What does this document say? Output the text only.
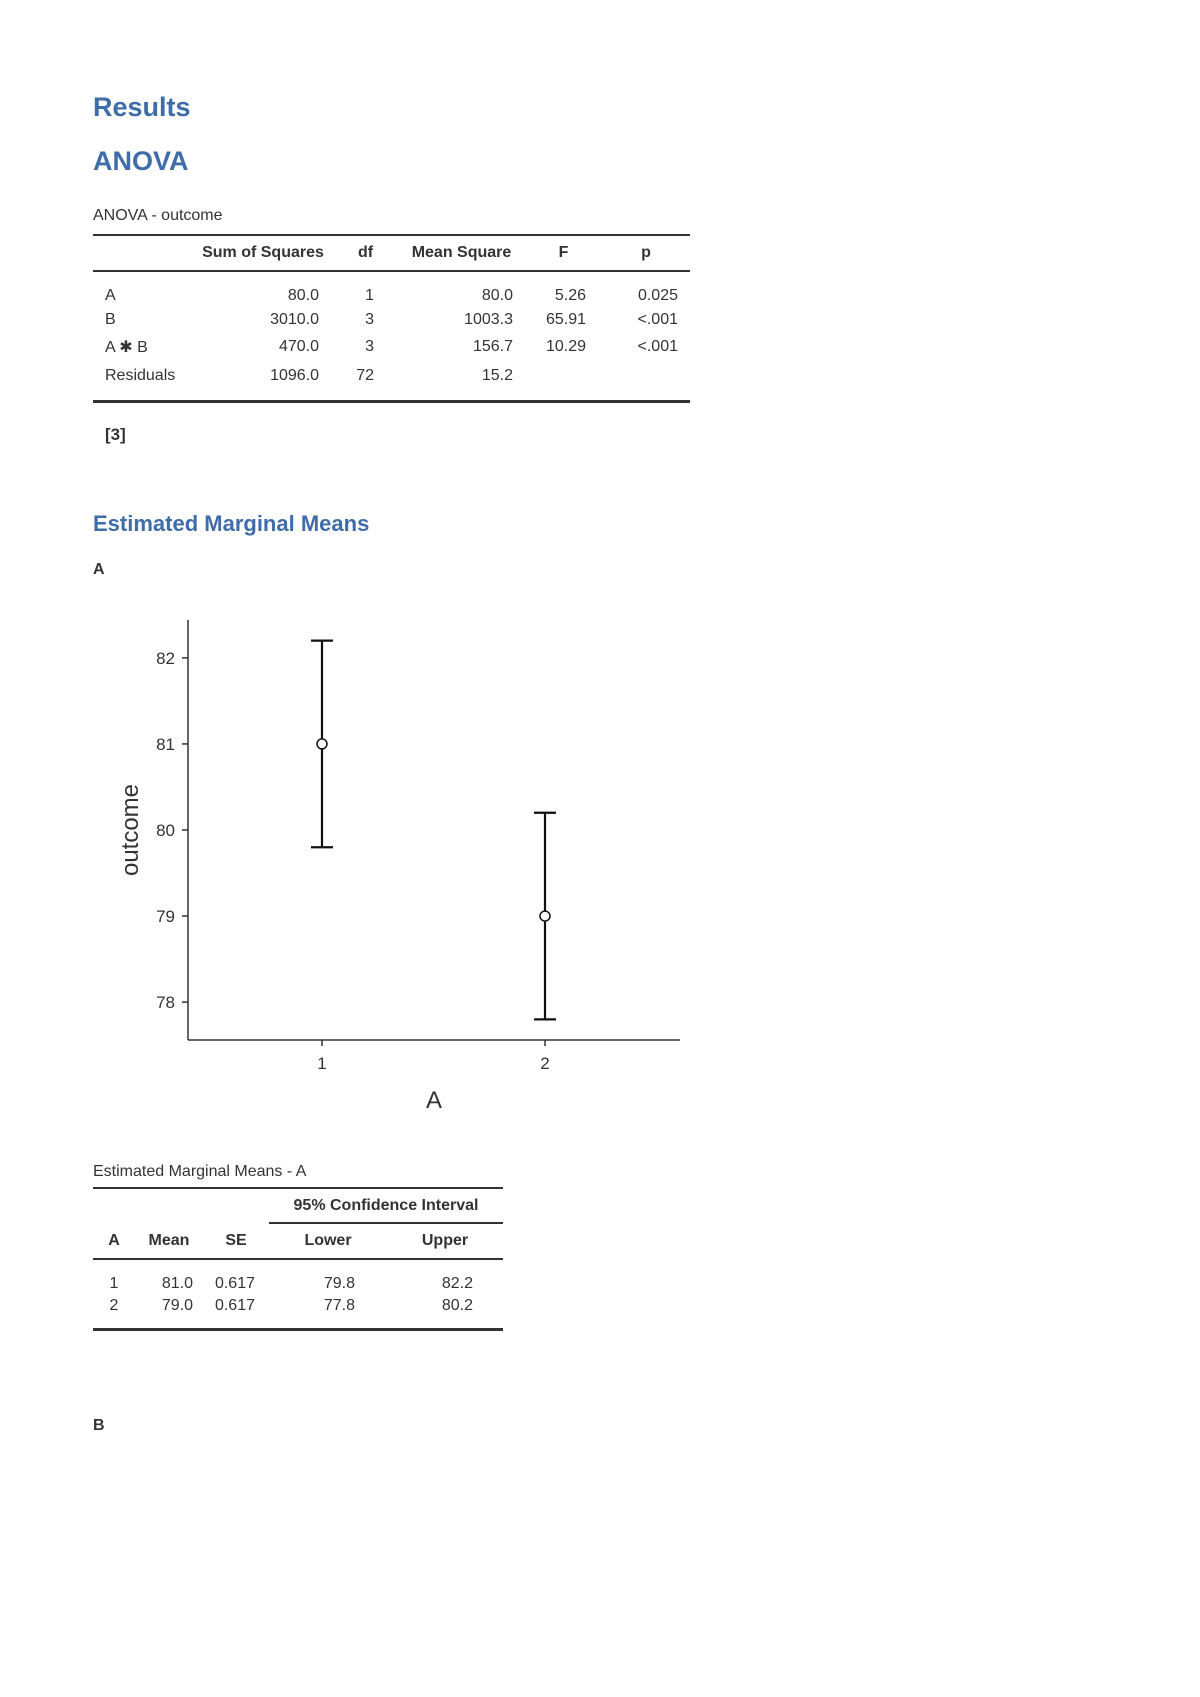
Results
ANOVA
ANOVA - outcome
	Sum of Squares	df	Mean Square	F	p
A	80.0	1	80.0	5.26	0.025
B	3010.0	3	1003.3	65.91	<.001
A ✱ B	470.0	3	156.7	10.29	<.001
Residuals	1096.0	72	15.2		
[3]
Estimated Marginal Means
A
78
79
80
81
82
1	2
outcome
A
Estimated Marginal Means - A
			95% Confidence Interval	
A	Mean	SE	Lower	Upper
1	81.0	0.617	79.8	82.2
2	79.0	0.617	77.8	80.2
B
